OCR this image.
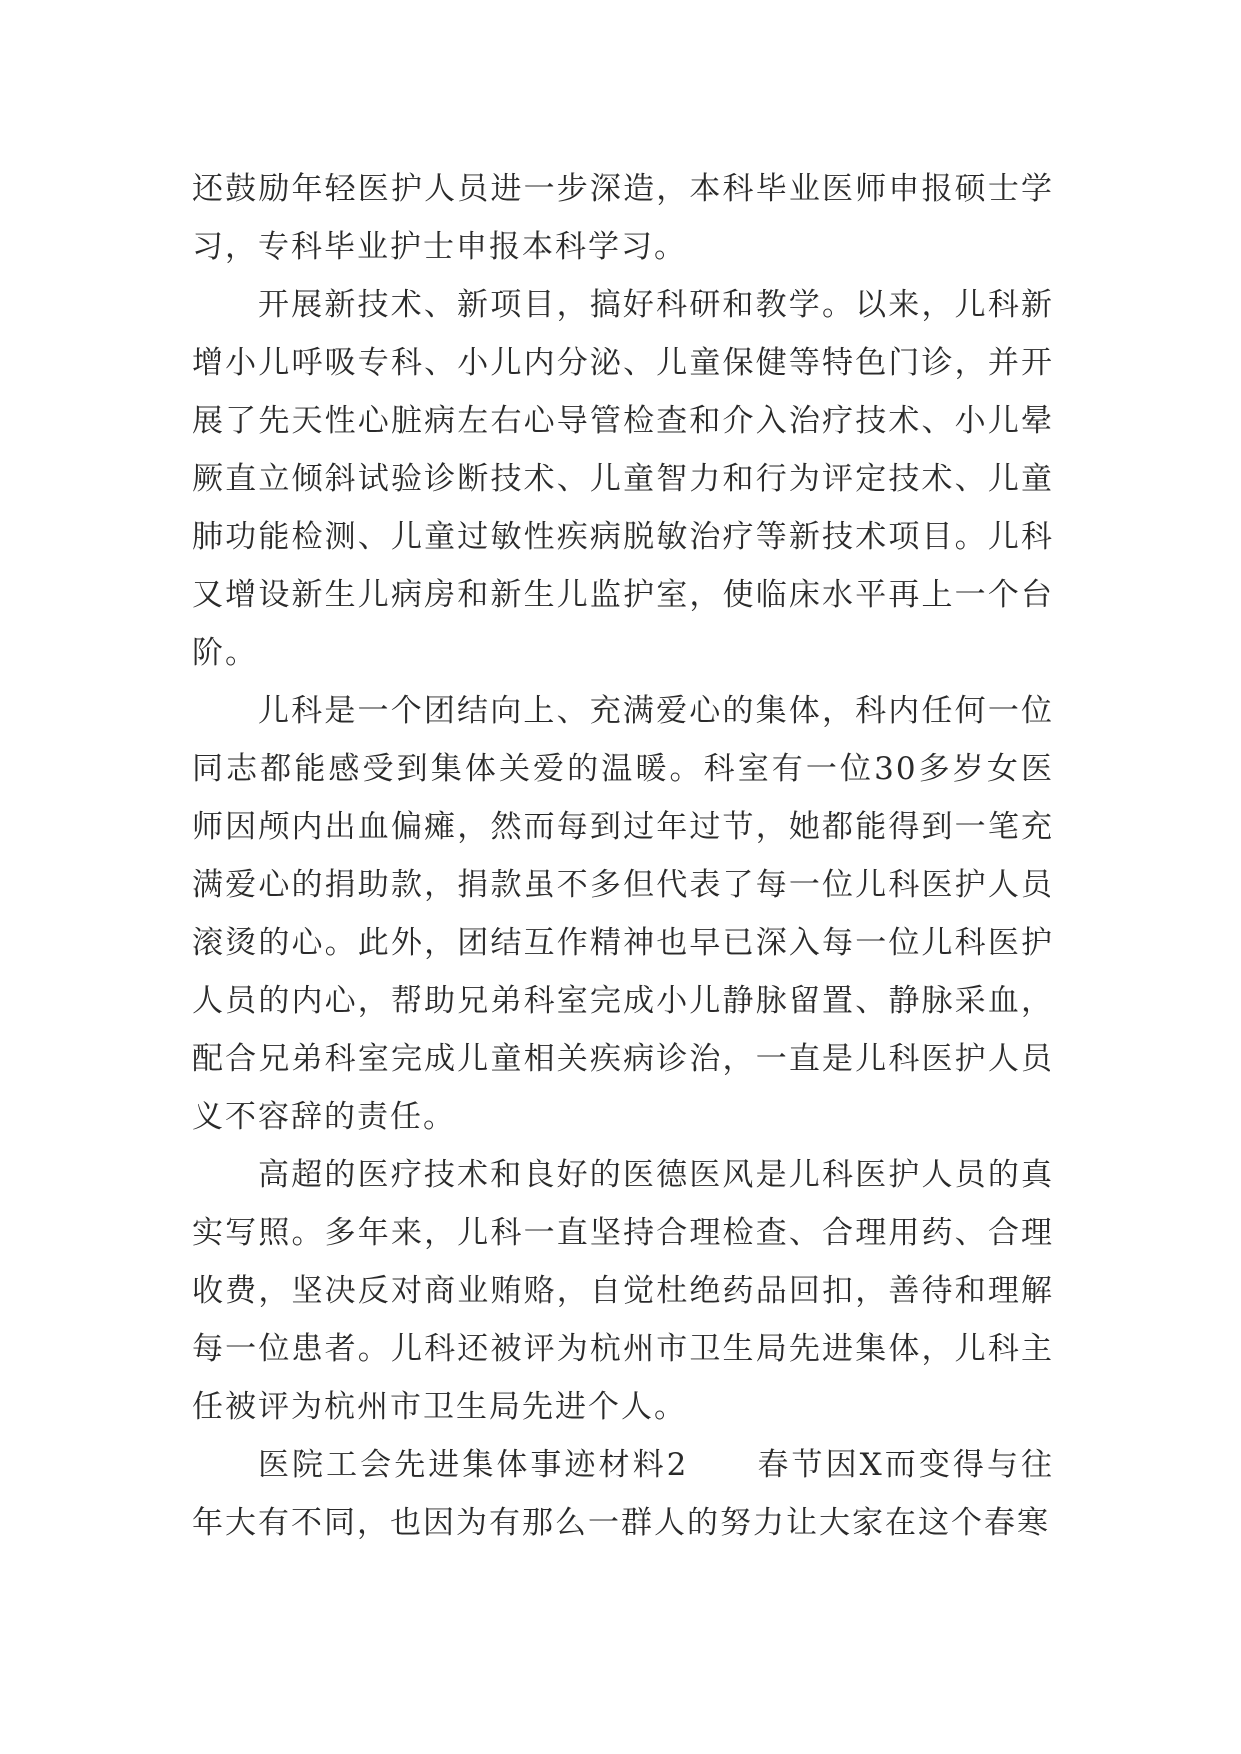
还鼓励年轻医护人员进一步深造，本科毕业医师申报硕士学习，专科毕业护士申报本科学习。

开展新技术、新项目，搞好科研和教学。以来，儿科新增小儿呼吸专科、小儿内分泌、儿童保健等特色门诊，并开展了先天性心脏病左右心导管检查和介入治疗技术、小儿晕厥直立倾斜试验诊断技术、儿童智力和行为评定技术、儿童肺功能检测、儿童过敏性疾病脱敏治疗等新技术项目。儿科又增设新生儿病房和新生儿监护室，使临床水平再上一个台阶。

儿科是一个团结向上、充满爱心的集体，科内任何一位同志都能感受到集体关爱的温暖。科室有一位30多岁女医师因颅内出血偏瘫，然而每到过年过节，她都能得到一笔充满爱心的捐助款，捐款虽不多但代表了每一位儿科医护人员滚烫的心。此外，团结互作精神也早已深入每一位儿科医护人员的内心，帮助兄弟科室完成小儿静脉留置、静脉采血，配合兄弟科室完成儿童相关疾病诊治，一直是儿科医护人员义不容辞的责任。

高超的医疗技术和良好的医德医风是儿科医护人员的真实写照。多年来，儿科一直坚持合理检查、合理用药、合理收费，坚决反对商业贿赂，自觉杜绝药品回扣，善待和理解每一位患者。儿科还被评为杭州市卫生局先进集体，儿科主任被评为杭州市卫生局先进个人。

医院工会先进集体事迹材料2　　春节因X而变得与往年大有不同，也因为有那么一群人的努力让大家在这个春寒
